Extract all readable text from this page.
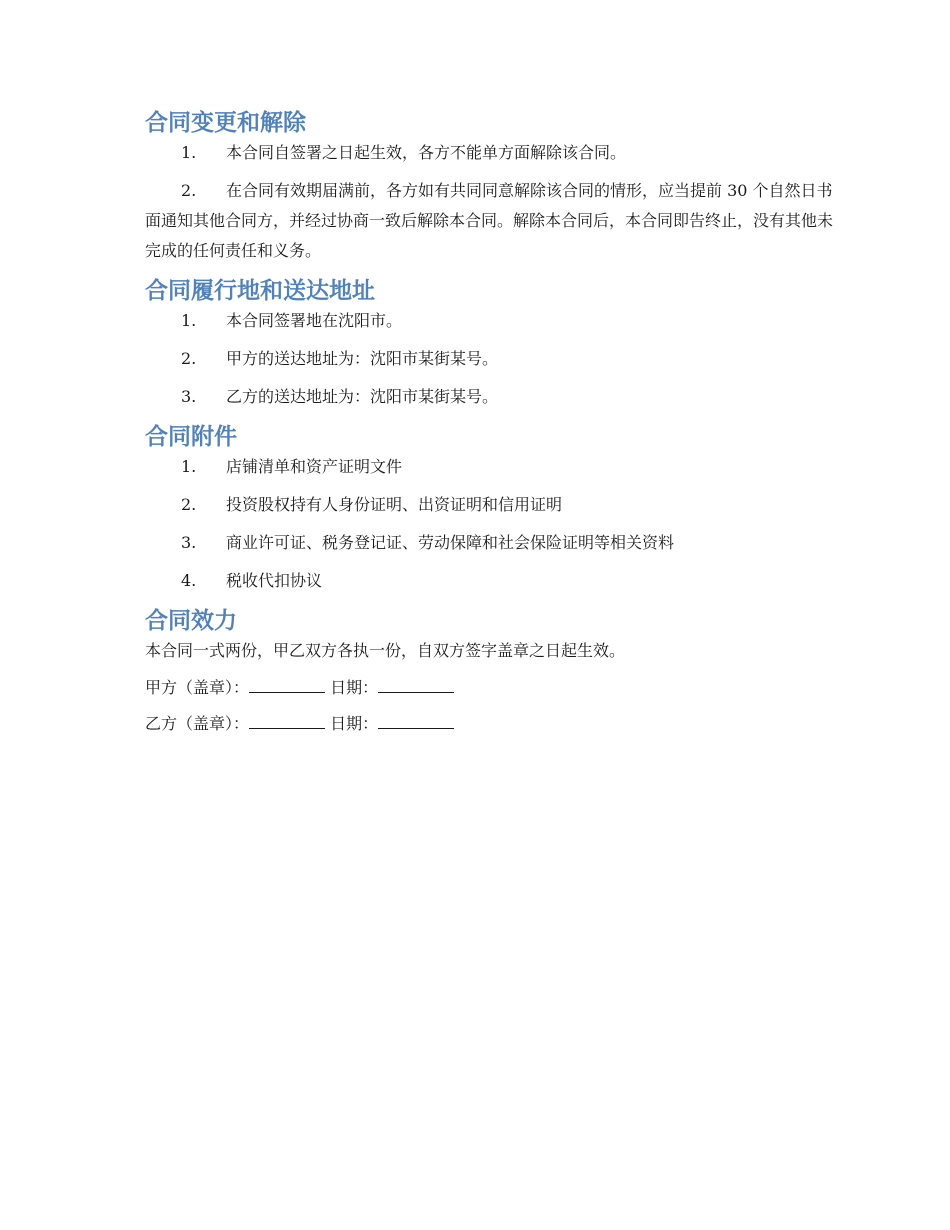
合同变更和解除
1.	本合同自签署之日起生效，各方不能单方面解除该合同。
2.	在合同有效期届满前，各方如有共同同意解除该合同的情形，应当提前 30 个自然日书面通知其他合同方，并经过协商一致后解除本合同。解除本合同后，本合同即告终止，没有其他未完成的任何责任和义务。
合同履行地和送达地址
1.	本合同签署地在沈阳市。
2.	甲方的送达地址为：沈阳市某街某号。
3.	乙方的送达地址为：沈阳市某街某号。
合同附件
1.	店铺清单和资产证明文件
2.	投资股权持有人身份证明、出资证明和信用证明
3.	商业许可证、税务登记证、劳动保障和社会保险证明等相关资料
4.	税收代扣协议
合同效力

本合同一式两份，甲乙双方各执一份，自双方签字盖章之日起生效。

甲方（盖章）：	日期：
乙方（盖章）：	日期：
